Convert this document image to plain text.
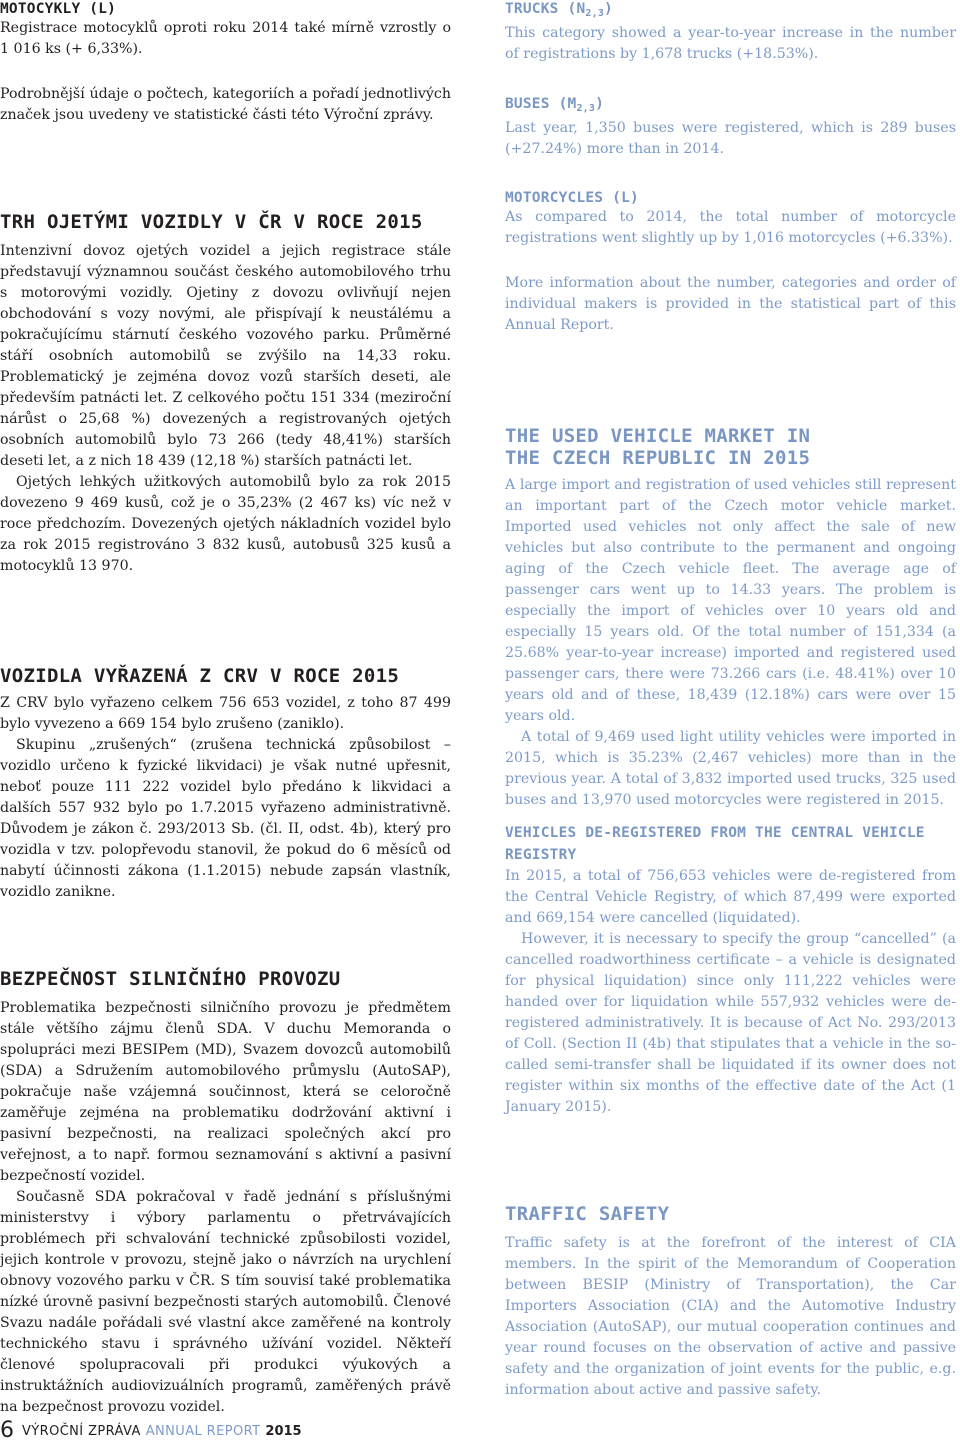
MOTOCYKLY (L)

Registrace motocyklů oproti roku 2014 také mírně vzrostly o 1 016 ks (+ 6,33%).

Podrobnější údaje o počtech, kategoriích a pořadí jednotlivých značek jsou uvedeny ve statistické části této Výroční zprávy.

TRH OJETÝMI VOZIDLY V ČR V ROCE 2015

Intenzivní dovoz ojetých vozidel a jejich registrace stále představují významnou součást českého automobilového trhu s motorovými vozidly. Ojetiny z dovozu ovlivňují nejen obchodování s vozy novými, ale přispívají k neustálému a pokračujícímu stárnutí českého vozového parku. Průměrné stáří osobních automobilů se zvýšilo na 14,33 roku. Problematický je zejména dovoz vozů starších deseti, ale především patnácti let. Z celkového počtu 151 334 (meziroční nárůst o 25,68 %) dovezených a registrovaných ojetých osobních automobilů bylo 73 266 (tedy 48,41%) starších deseti let, a z nich 18 439 (12,18 %) starších patnácti let.

Ojetých lehkých užitkových automobilů bylo za rok 2015 dovezeno 9 469 kusů, což je o 35,23% (2 467 ks) víc než v roce předchozím. Dovezených ojetých nákladních vozidel bylo za rok 2015 registrováno 3 832 kusů, autobusů 325 kusů a motocyklů 13 970.

VOZIDLA VYŘAZENÁ Z CRV V ROCE 2015

Z CRV bylo vyřazeno celkem 756 653 vozidel, z toho 87 499 bylo vyvezeno a 669 154 bylo zrušeno (zaniklo).

Skupinu „zrušených“ (zrušena technická způsobilost – vozidlo určeno k fyzické likvidaci) je však nutné upřesnit, neboť pouze 111 222 vozidel bylo předáno k likvidaci a dalších 557 932 bylo po 1.7.2015 vyřazeno administrativně. Důvodem je zákon č. 293/2013 Sb. (čl. II, odst. 4b), který pro vozidla v tzv. polopřevodu stanovil, že pokud do 6 měsíců od nabytí účinnosti zákona (1.1.2015) nebude zapsán vlastník, vozidlo zanikne.

BEZPEČNOST SILNIČNÍHO PROVOZU

Problematika bezpečnosti silničního provozu je předmětem stále většího zájmu členů SDA. V duchu Memoranda o spolupráci mezi BESIPem (MD), Svazem dovozců automobilů (SDA) a Sdružením automobilového průmyslu (AutoSAP), pokračuje naše vzájemná součinnost, která se celoročně zaměřuje zejména na problematiku dodržování aktivní i pasivní bezpečnosti, na realizaci společných akcí pro veřejnost, a to např. formou seznamování s aktivní a pasivní bezpečností vozidel.

Současně SDA pokračoval v řadě jednání s příslušnými ministerstvy i výbory parlamentu o přetrvávajících problémech při schvalování technické způsobilosti vozidel, jejich kontrole v provozu, stejně jako o návrzích na urychlení obnovy vozového parku v ČR. S tím souvisí také problematika nízké úrovně pasivní bezpečnosti starých automobilů. Členové Svazu nadále pořádali své vlastní akce zaměřené na kontroly technického stavu i správného užívání vozidel. Někteří členové spolupracovali při produkci výukových a instruktážních audiovizuálních programů, zaměřených právě na bezpečnost provozu vozidel.

TRUCKS $(N_{2,3})$

This category showed a year-to-year increase in the number of registrations by 1,678 trucks (+18.53%).

BUSES $(M_{2,3})$

Last year, 1,350 buses were registered, which is 289 buses (+27.24%) more than in 2014.

MOTORCYCLES (L)

As compared to 2014, the total number of motorcycle registrations went slightly up by 1,016 motorcycles (+6.33%).

More information about the number, categories and order of individual makers is provided in the statistical part of this Annual Report.

THE USED VEHICLE MARKET IN
THE CZECH REPUBLIC IN 2015

A large import and registration of used vehicles still represent an important part of the Czech motor vehicle market. Imported used vehicles not only affect the sale of new vehicles but also contribute to the permanent and ongoing aging of the Czech vehicle fleet. The average age of passenger cars went up to 14.33 years. The problem is especially the import of vehicles over 10 years old and especially 15 years old. Of the total number of 151,334 (a 25.68% year-to-year increase) imported and registered used passenger cars, there were 73.266 cars (i.e. 48.41%) over 10 years old and of these, 18,439 (12.18%) cars were over 15 years old.

A total of 9,469 used light utility vehicles were imported in 2015, which is 35.23% (2,467 vehicles) more than in the previous year. A total of 3,832 imported used trucks, 325 used buses and 13,970 used motorcycles were registered in 2015.

VEHICLES DE-REGISTERED FROM THE CENTRAL VEHICLE REGISTRY

In 2015, a total of 756,653 vehicles were de-registered from the Central Vehicle Registry, of which 87,499 were exported and 669,154 were cancelled (liquidated).

However, it is necessary to specify the group “cancelled” (a cancelled roadworthiness certificate – a vehicle is designated for physical liquidation) since only 111,222 vehicles were handed over for liquidation while 557,932 vehicles were de-registered administratively. It is because of Act No. 293/2013 of Coll. (Section II (4b) that stipulates that a vehicle in the so-called semi-transfer shall be liquidated if its owner does not register within six months of the effective date of the Act (1 January 2015).

TRAFFIC SAFETY

Traffic safety is at the forefront of the interest of CIA members. In the spirit of the Memorandum of Cooperation between BESIP (Ministry of Transportation), the Car Importers Association (CIA) and the Automotive Industry Association (AutoSAP), our mutual cooperation continues and year round focuses on the observation of active and passive safety and the organization of joint events for the public, e.g. information about active and passive safety.

6 VÝROČNÍ ZPRÁVA ANNUAL REPORT 2015
